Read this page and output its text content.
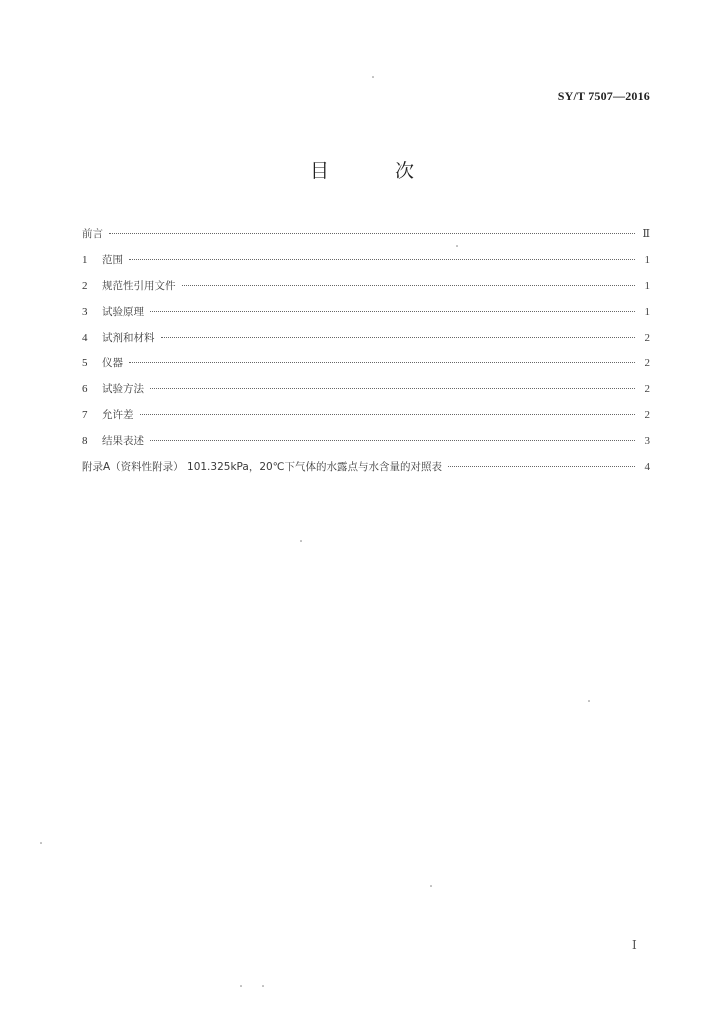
SY/T 7507—2016
目 次
前言	Ⅱ
1	范围	1
2	规范性引用文件	1
3	试验原理	1
4	试剂和材料	2
5	仪器	2
6	试验方法	2
7	允许差	2
8	结果表述	3
附录A（资料性附录） 101.325kPa，20℃下气体的水露点与水含量的对照表	4
Ⅰ
